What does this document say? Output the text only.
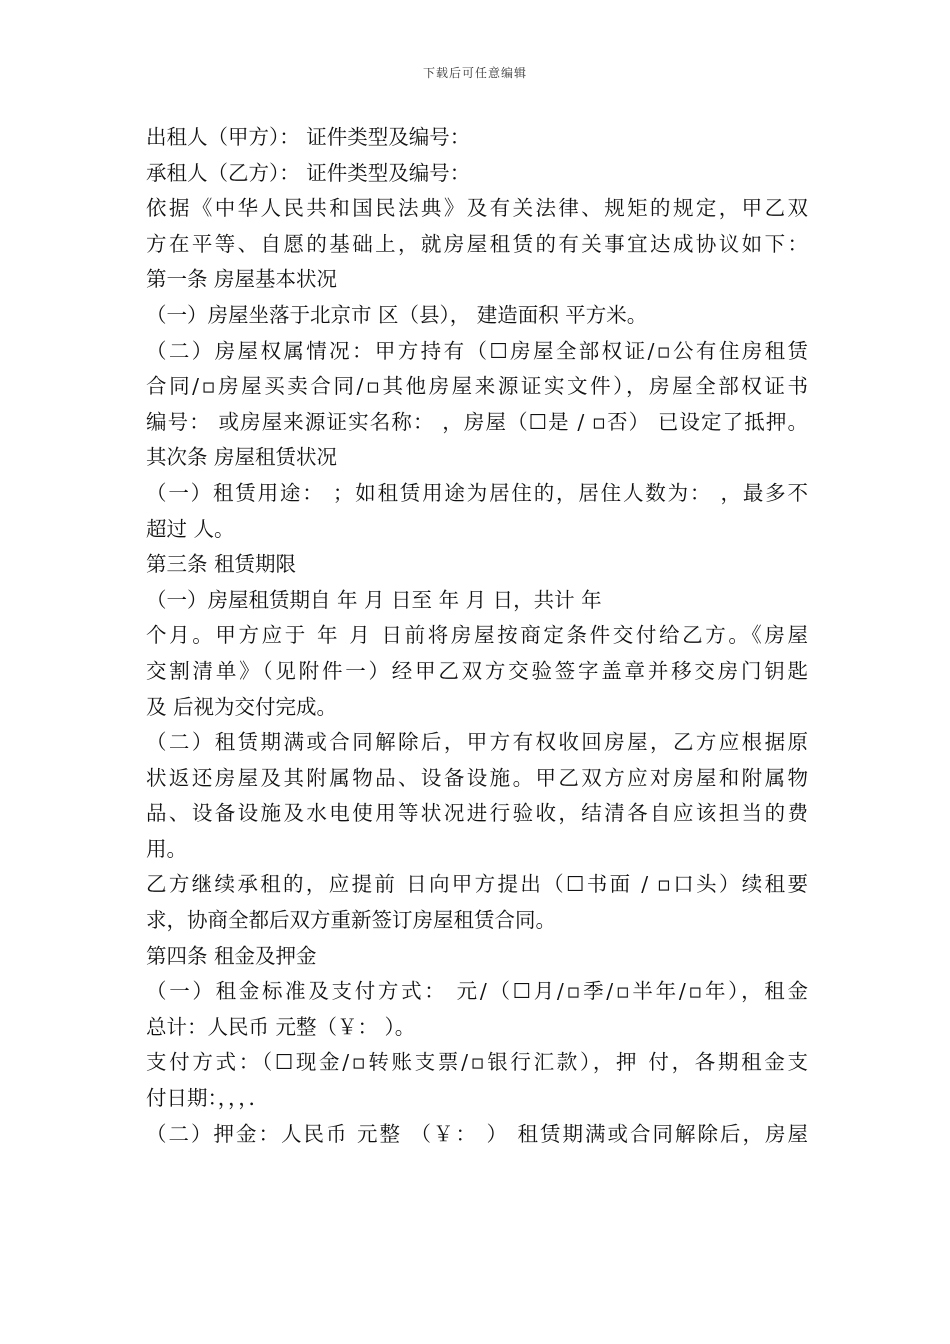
下载后可任意编辑
出租人（甲方）： 证件类型及编号：
承租人（乙方）： 证件类型及编号：
依据《中华人民共和国民法典》及有关法律、规矩的规定，甲乙双
方在平等、自愿的基础上，就房屋租赁的有关事宜达成协议如下：
第一条 房屋基本状况
（一）房屋坐落于北京市 区（县）， 建造面积 平方米。
（二）房屋权属情况：甲方持有（☐房屋全部权证/▫公有住房租赁
合同/▫房屋买卖合同/▫其他房屋来源证实文件），房屋全部权证书
编号： 或房屋来源证实名称： ，房屋（☐是 / ▫否） 已设定了抵押。
其次条 房屋租赁状况
（一）租赁用途： ；如租赁用途为居住的，居住人数为： ，最多不
超过 人。
第三条 租赁期限
（一）房屋租赁期自 年 月 日至 年 月 日，共计 年
个月。甲方应于 年 月 日前将房屋按商定条件交付给乙方。《房屋
交割清单》（见附件一）经甲乙双方交验签字盖章并移交房门钥匙
及 后视为交付完成。
（二）租赁期满或合同解除后，甲方有权收回房屋，乙方应根据原
状返还房屋及其附属物品、设备设施。甲乙双方应对房屋和附属物
品、设备设施及水电使用等状况进行验收，结清各自应该担当的费
用。
乙方继续承租的，应提前 日向甲方提出（☐书面 / ▫口头）续租要
求，协商全都后双方重新签订房屋租赁合同。
第四条 租金及押金
（一）租金标准及支付方式： 元/（☐月/▫季/▫半年/▫年），租金
总计：人民币 元整（￥： ）。
支付方式：（☐现金/▫转账支票/▫银行汇款），押 付，各期租金支
付日期：，，，．
（二）押金：人民币 元整 （￥： ） 租赁期满或合同解除后，房屋
